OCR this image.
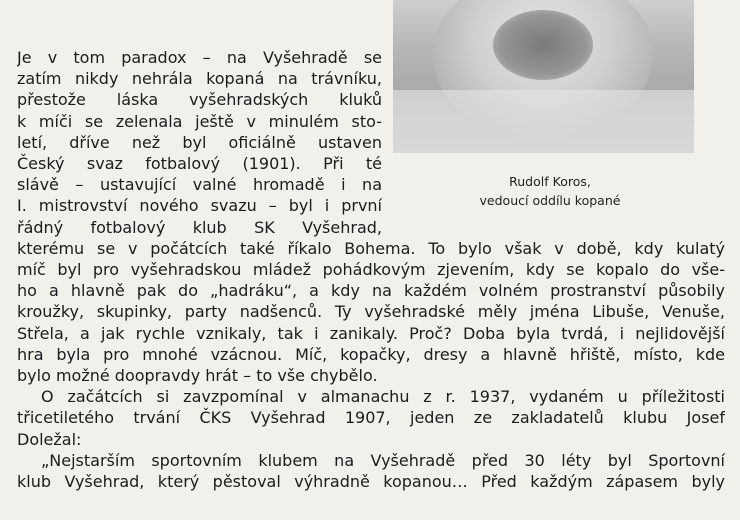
Rudolf Koros,
vedoucí oddílu kopané
Je v tom paradox – na Vyšehradě se
zatím nikdy nehrála kopaná na trávníku,
přestože láska vyšehradských kluků
k míči se zelenala ještě v minulém sto-
letí, dříve než byl oficiálně ustaven
Český svaz fotbalový (1901). Při té
slávě – ustavující valné hromadě i na
I. mistrovství nového svazu – byl i první
řádný fotbalový klub SK Vyšehrad,
kterému se v počátcích také říkalo Bohema. To bylo však v době, kdy kulatý
míč byl pro vyšehradskou mládež pohádkovým zjevením, kdy se kopalo do vše-
ho a hlavně pak do „hadráku“, a kdy na každém volném prostranství působily
kroužky, skupinky, party nadšenců. Ty vyšehradské měly jména Libuše, Venuše,
Střela, a jak rychle vznikaly, tak i zanikaly. Proč? Doba byla tvrdá, i nejlidovější
hra byla pro mnohé vzácnou. Míč, kopačky, dresy a hlavně hřiště, místo, kde
bylo možné doopravdy hrát – to vše chybělo.
O začátcích si zavzpomínal v almanachu z r. 1937, vydaném u příležitosti
třicetiletého trvání ČKS Vyšehrad 1907, jeden ze zakladatelů klubu Josef
Doležal:
„Nejstarším sportovním klubem na Vyšehradě před 30 léty byl Sportovní
klub Vyšehrad, který pěstoval výhradně kopanou… Před každým zápasem byly
